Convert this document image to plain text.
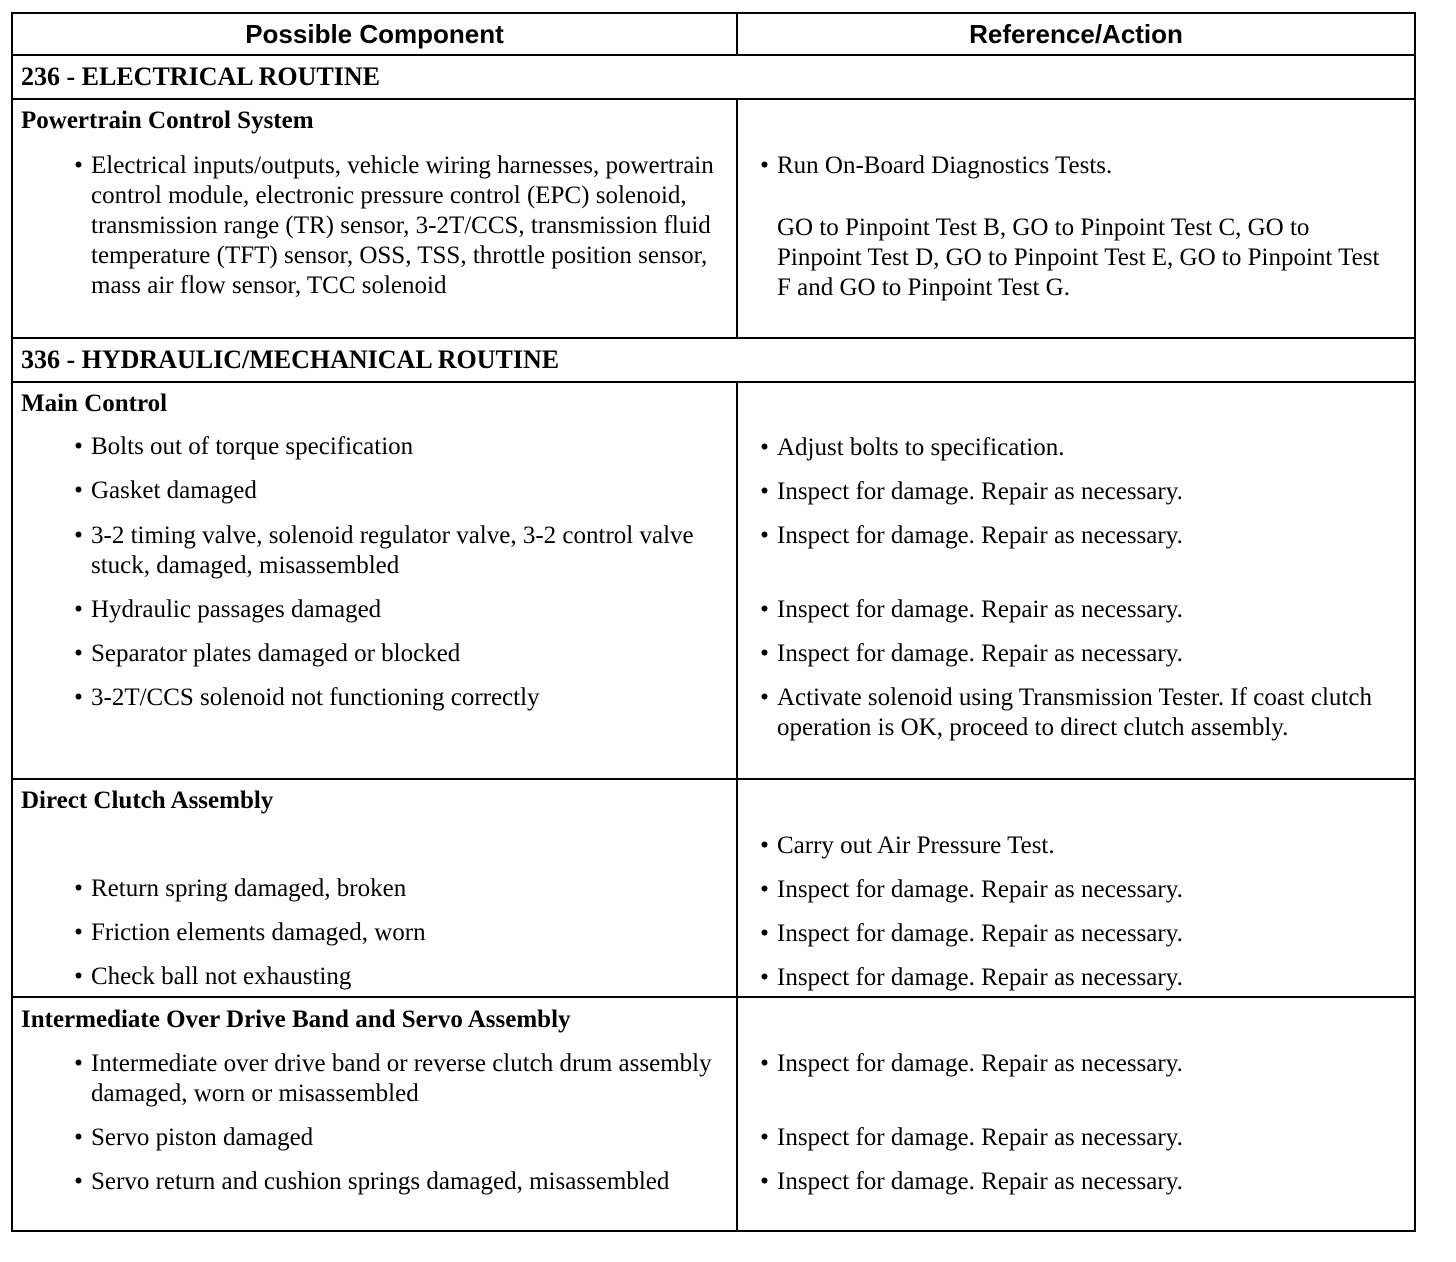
Possible Component	Reference/Action
236 - ELECTRICAL ROUTINE
Powertrain Control System
• Electrical inputs/outputs, vehicle wiring harnesses, powertrain control module, electronic pressure control (EPC) solenoid, transmission range (TR) sensor, 3-2T/CCS, transmission fluid temperature (TFT) sensor, OSS, TSS, throttle position sensor, mass air flow sensor, TCC solenoid
• Run On-Board Diagnostics Tests.
GO to Pinpoint Test B, GO to Pinpoint Test C, GO to Pinpoint Test D, GO to Pinpoint Test E, GO to Pinpoint Test F and GO to Pinpoint Test G.
336 - HYDRAULIC/MECHANICAL ROUTINE
Main Control
• Bolts out of torque specification
• Gasket damaged
• 3-2 timing valve, solenoid regulator valve, 3-2 control valve stuck, damaged, misassembled
• Hydraulic passages damaged
• Separator plates damaged or blocked
• 3-2T/CCS solenoid not functioning correctly
• Adjust bolts to specification.
• Inspect for damage. Repair as necessary.
• Inspect for damage. Repair as necessary.
• Inspect for damage. Repair as necessary.
• Inspect for damage. Repair as necessary.
• Activate solenoid using Transmission Tester. If coast clutch operation is OK, proceed to direct clutch assembly.
Direct Clutch Assembly
• Return spring damaged, broken
• Friction elements damaged, worn
• Check ball not exhausting
• Carry out Air Pressure Test.
• Inspect for damage. Repair as necessary.
• Inspect for damage. Repair as necessary.
• Inspect for damage. Repair as necessary.
Intermediate Over Drive Band and Servo Assembly
• Intermediate over drive band or reverse clutch drum assembly damaged, worn or misassembled
• Servo piston damaged
• Servo return and cushion springs damaged, misassembled
• Inspect for damage. Repair as necessary.
• Inspect for damage. Repair as necessary.
• Inspect for damage. Repair as necessary.
